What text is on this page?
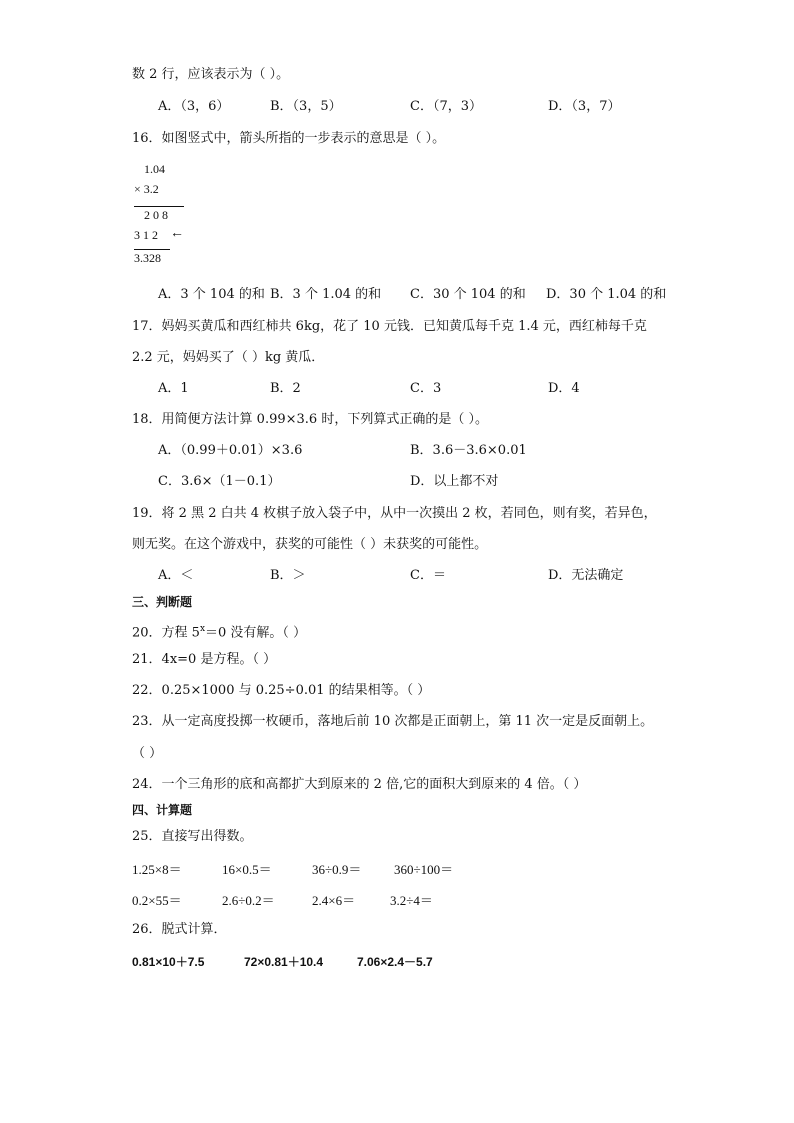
数 2 行，应该表示为（ ）。
A．（3，6）	B．（3，5）	C．（7，3）	D．（3，7）
16．如图竖式中，箭头所指的一步表示的意思是（ ）。
1.04
× 3.2
2 0 8
3 1 2 ←
3.328
A．3 个 104 的和 B．3 个 1.04 的和 C．30 个 104 的和 D．30 个 1.04 的和
17．妈妈买黄瓜和西红柿共 6kg，花了 10 元钱．已知黄瓜每千克 1.4 元，西红柿每千克
2.2 元，妈妈买了（ ）kg 黄瓜．
A．1	B．2	C．3	D．4
18．用简便方法计算 0.99×3.6 时，下列算式正确的是（ ）。
A．（0.99＋0.01）×3.6	B．3.6－3.6×0.01
C．3.6×（1－0.1）	D．以上都不对
19．将 2 黑 2 白共 4 枚棋子放入袋子中，从中一次摸出 2 枚，若同色，则有奖，若异色，
则无奖。在这个游戏中，获奖的可能性（ ）未获奖的可能性。
A．＜	B．＞	C．＝	D．无法确定
三、判断题
20．方程 $5^x=0$ 没有解。（ ）
21．4x=0 是方程。（ ）
22．0.25×1000 与 0.25÷0.01 的结果相等。（ ）
23．从一定高度投掷一枚硬币，落地后前 10 次都是正面朝上，第 11 次一定是反面朝上。
（ ）
24．一个三角形的底和高都扩大到原来的 2 倍,它的面积大到原来的 4 倍。（ ）
四、计算题
25．直接写出得数。
1.25×8＝	16×0.5＝	36÷0.9＝	360÷100＝
0.2×55＝	2.6÷0.2＝	2.4×6＝	3.2÷4＝
26．脱式计算．
0.81×10＋7.5	72×0.81＋10.4	7.06×2.4－5.7
